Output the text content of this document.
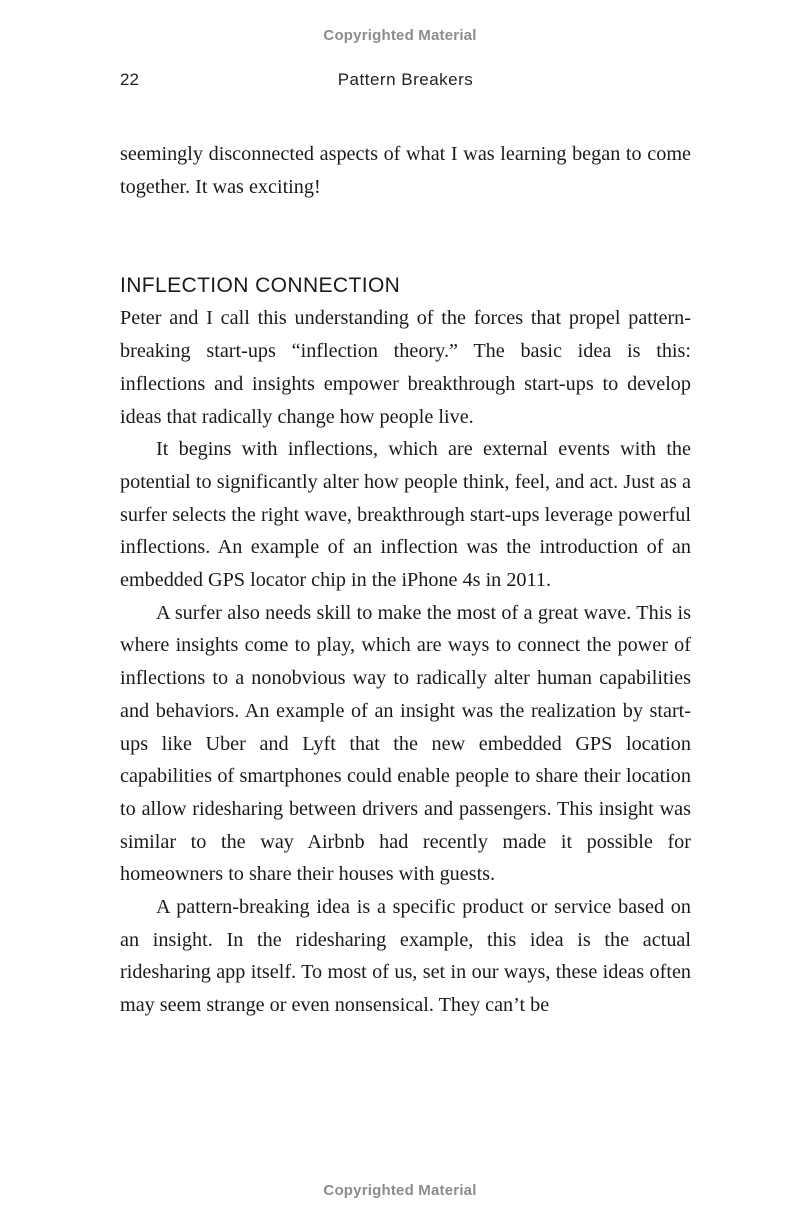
Copyrighted Material
22	Pattern Breakers

seemingly disconnected aspects of what I was learning began to come together. It was exciting!

INFLECTION CONNECTION

Peter and I call this understanding of the forces that propel pattern-breaking start-ups “inflection theory.” The basic idea is this: inflections and insights empower breakthrough start-ups to develop ideas that radically change how people live.

It begins with inflections, which are external events with the potential to significantly alter how people think, feel, and act. Just as a surfer selects the right wave, breakthrough start-ups leverage powerful inflections. An example of an inflection was the introduction of an embedded GPS locator chip in the iPhone 4s in 2011.

A surfer also needs skill to make the most of a great wave. This is where insights come to play, which are ways to connect the power of inflections to a nonobvious way to radically alter human capabilities and behaviors. An example of an insight was the realization by start-ups like Uber and Lyft that the new embedded GPS location capabilities of smartphones could enable people to share their location to allow ridesharing between drivers and passengers. This insight was similar to the way Airbnb had recently made it possible for homeowners to share their houses with guests.

A pattern-breaking idea is a specific product or service based on an insight. In the ridesharing example, this idea is the actual ridesharing app itself. To most of us, set in our ways, these ideas often may seem strange or even nonsensical. They can’t be

Copyrighted Material
